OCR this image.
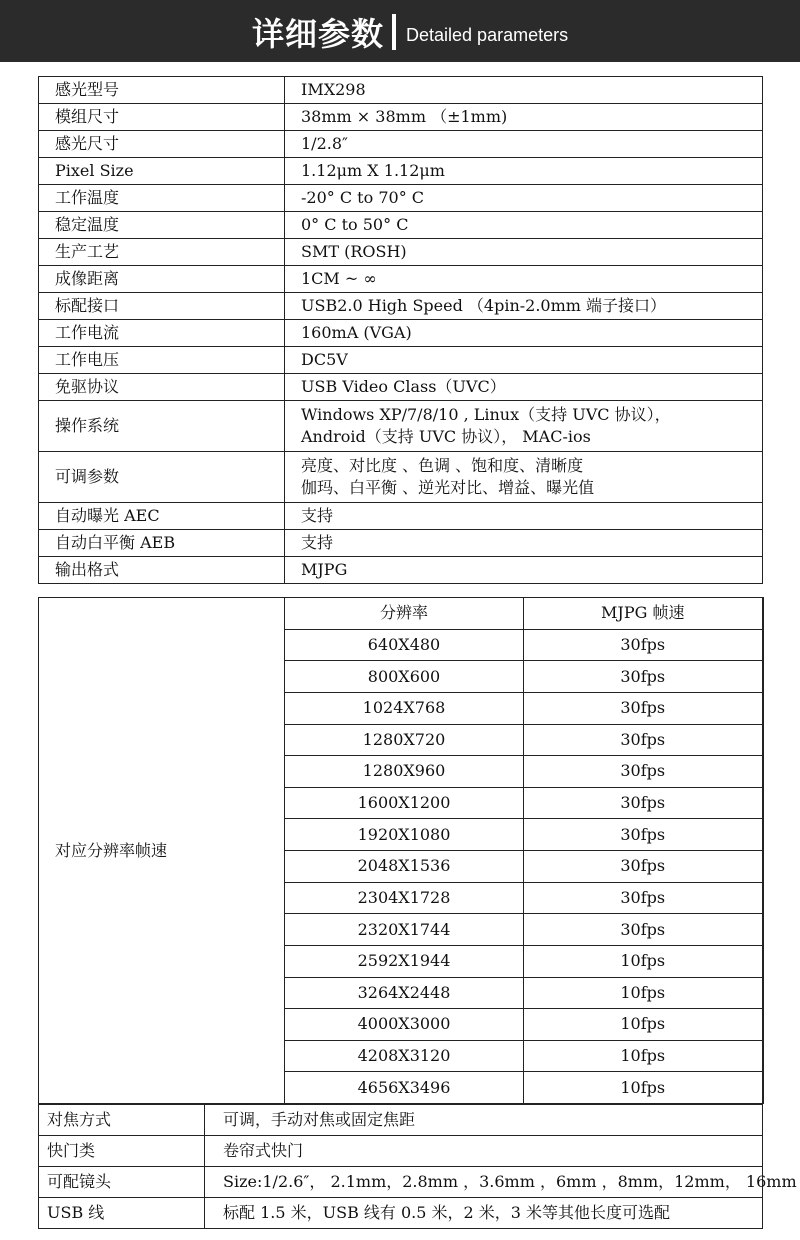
详细参数 Detailed parameters
感光型号	IMX298

模组尺寸	38mm × 38mm （±1mm)

感光尺寸	1/2.8″

Pixel Size	1.12μm X 1.12μm

工作温度	-20° C to 70° C

稳定温度	0° C to 50° C

生产工艺	SMT (ROSH)

成像距离	1CM ~ ∞

标配接口	USB2.0 High Speed （4pin-2.0mm 端子接口）

工作电流	160mA (VGA)

工作电压	DC5V

免驱协议	USB Video Class（UVC）

操作系统	Windows XP/7/8/10 , Linux（支持 UVC 协议），
Android（支持 UVC 协议）， MAC-ios

可调参数	亮度、对比度 、色调 、饱和度、清晰度
伽玛、白平衡 、逆光对比、增益、曝光值

自动曝光 AEC	支持

自动白平衡 AEB	支持

输出格式	MJPG
对应分辨率帧速	分辨率	MJPG 帧速
	640X480	30fps
	800X600	30fps
	1024X768	30fps
	1280X720	30fps
	1280X960	30fps
	1600X1200	30fps
	1920X1080	30fps
	2048X1536	30fps
	2304X1728	30fps
	2320X1744	30fps
	2592X1944	10fps
	3264X2448	10fps
	4000X3000	10fps
	4208X3120	10fps
	4656X3496	10fps
对焦方式	可调，手动对焦或固定焦距
快门类	卷帘式快门
可配镜头	Size:1/2.6″， 2.1mm，2.8mm ，3.6mm ，6mm ，8mm，12mm， 16mm
USB 线	标配 1.5 米，USB 线有 0.5 米，2 米，3 米等其他长度可选配
